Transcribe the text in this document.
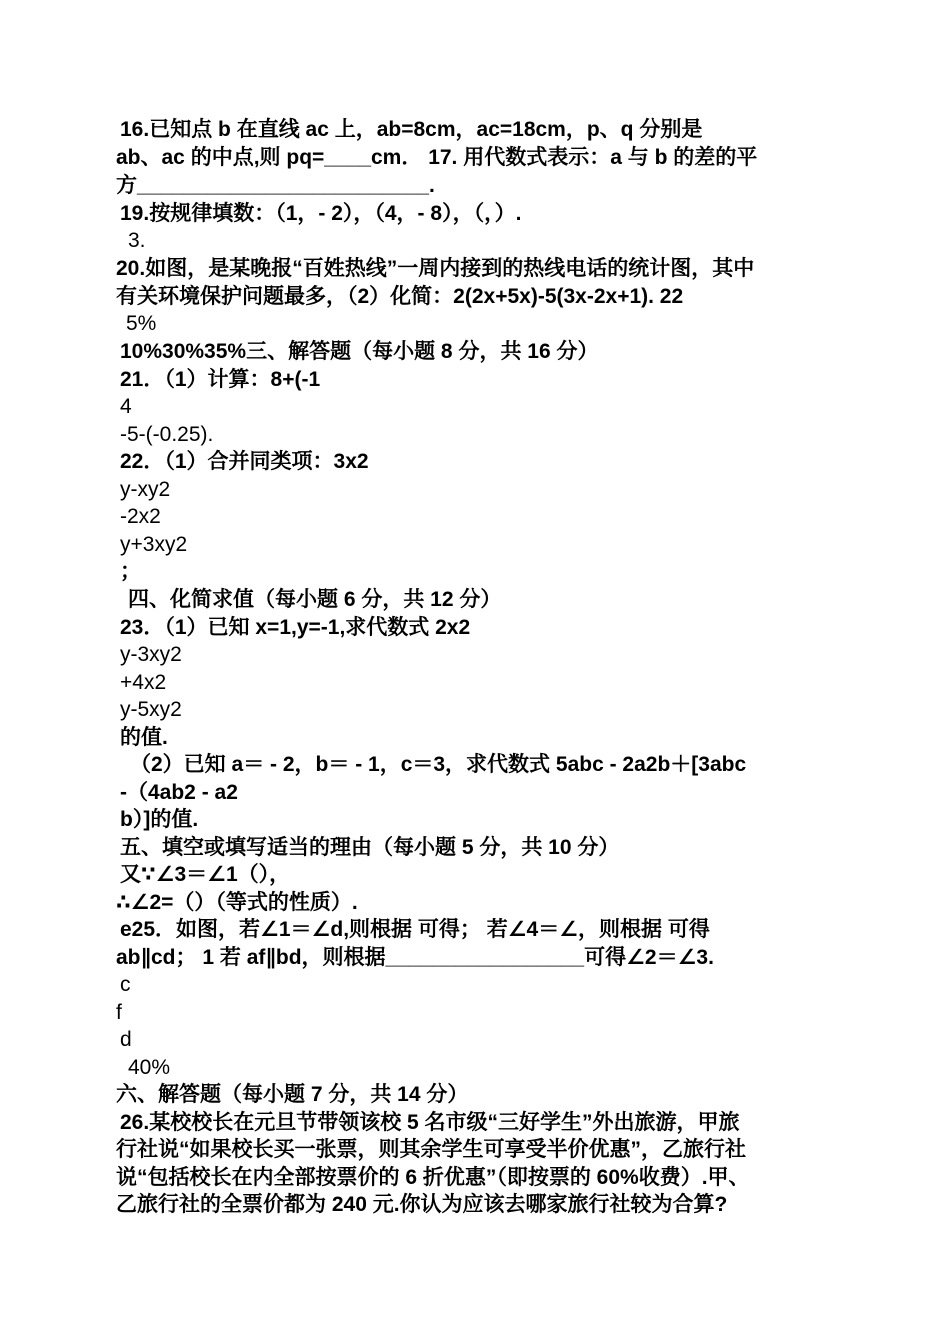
16.已知点 b 在直线 ac 上，ab=8cm，ac=18cm，p、q 分别是
ab、ac 的中点,则 pq=____cm． 17. 用代数式表示：a 与 b 的差的平
方_________________________.
19.按规律填数：（1，- 2），（4，- 8），（，）.
3.
20.如图，是某晚报“百姓热线”一周内接到的热线电话的统计图，其中
有关环境保护问题最多，（2）化简：2(2x+5x)-5(3x-2x+1). 22
5%
10%30%35%三、解答题（每小题 8 分，共 16 分）
21．（1）计算：8+(-1
4
-5-(-0.25).
22．（1）合并同类项：3x2
y-xy2
-2x2
y+3xy2
；
四、化简求值（每小题 6 分，共 12 分）
23．（1）已知 x=1,y=-1,求代数式 2x2
y-3xy2
+4x2
y-5xy2
的值.
（2）已知 a＝ - 2，b＝ - 1，c＝3，求代数式 5abc - 2a2b＋[3abc
-（4ab2 - a2
b）]的值.
五、填空或填写适当的理由（每小题 5 分，共 10 分）
又∵∠3＝∠1（），
∴∠2=（）（等式的性质）.
e25．如图，若∠1＝∠d,则根据 可得； 若∠4＝∠，则根据 可得
ab∥cd； 1 若 af∥bd，则根据_________________可得∠2＝∠3.
c
f
d
40%
六、解答题（每小题 7 分，共 14 分）
26.某校校长在元旦节带领该校 5 名市级“三好学生”外出旅游，甲旅
行社说“如果校长买一张票，则其余学生可享受半价优惠”，乙旅行社
说“包括校长在内全部按票价的 6 折优惠”（即按票的 60%收费）.甲、
乙旅行社的全票价都为 240 元.你认为应该去哪家旅行社较为合算?
